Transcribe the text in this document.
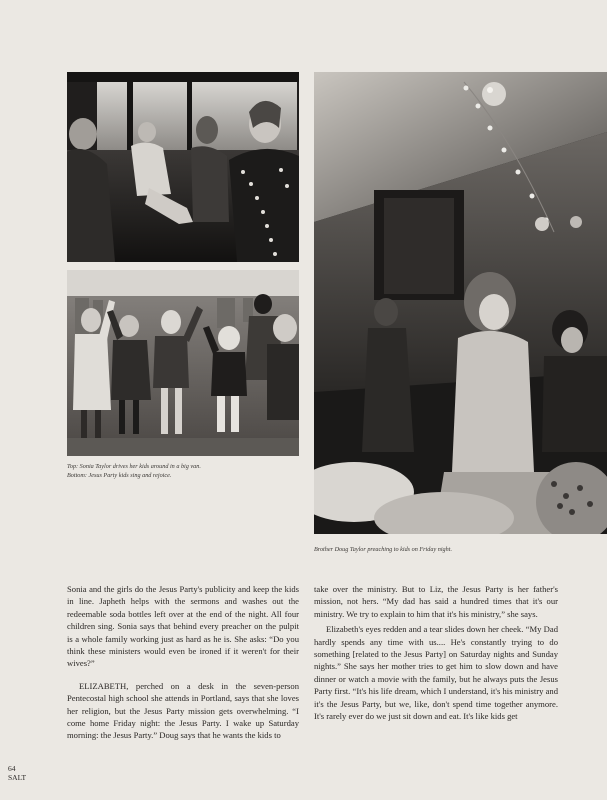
Top: Sonia Taylor drives her kids around in a big van.
Bottom: Jesus Party kids sing and rejoice.
Brother Doug Taylor preaching to kids on Friday night.

Sonia and the girls do the Jesus Party's publicity and keep the kids in line. Japheth helps with the sermons and washes out the redeemable soda bottles left over at the end of the night. All four children sing. Sonia says that behind every preacher on the pulpit is a whole family working just as hard as he is. She asks: “Do you think these ministers would even be ironed if it weren't for their wives?”

ELIZABETH, perched on a desk in the seven-person Pentecostal high school she attends in Portland, says that she loves her religion, but the Jesus Party mission gets overwhelming. “I come home Friday night: the Jesus Party. I wake up Saturday morning: the Jesus Party.” Doug says that he wants the kids to

take over the ministry. But to Liz, the Jesus Party is her father's mission, not hers. “My dad has said a hundred times that it's our ministry. We try to explain to him that it's his ministry,” she says.

Elizabeth's eyes redden and a tear slides down her cheek. “My Dad hardly spends any time with us.... He's constantly trying to do something [related to the Jesus Party] on Saturday nights and Sunday nights.” She says her mother tries to get him to slow down and have dinner or watch a movie with the family, but he always puts the Jesus Party first. “It's his life dream, which I understand, it's his ministry and it's the Jesus Party, but we, like, don't spend time together anymore. It's rarely ever do we just sit down and eat. It's like kids get

64
SALT
